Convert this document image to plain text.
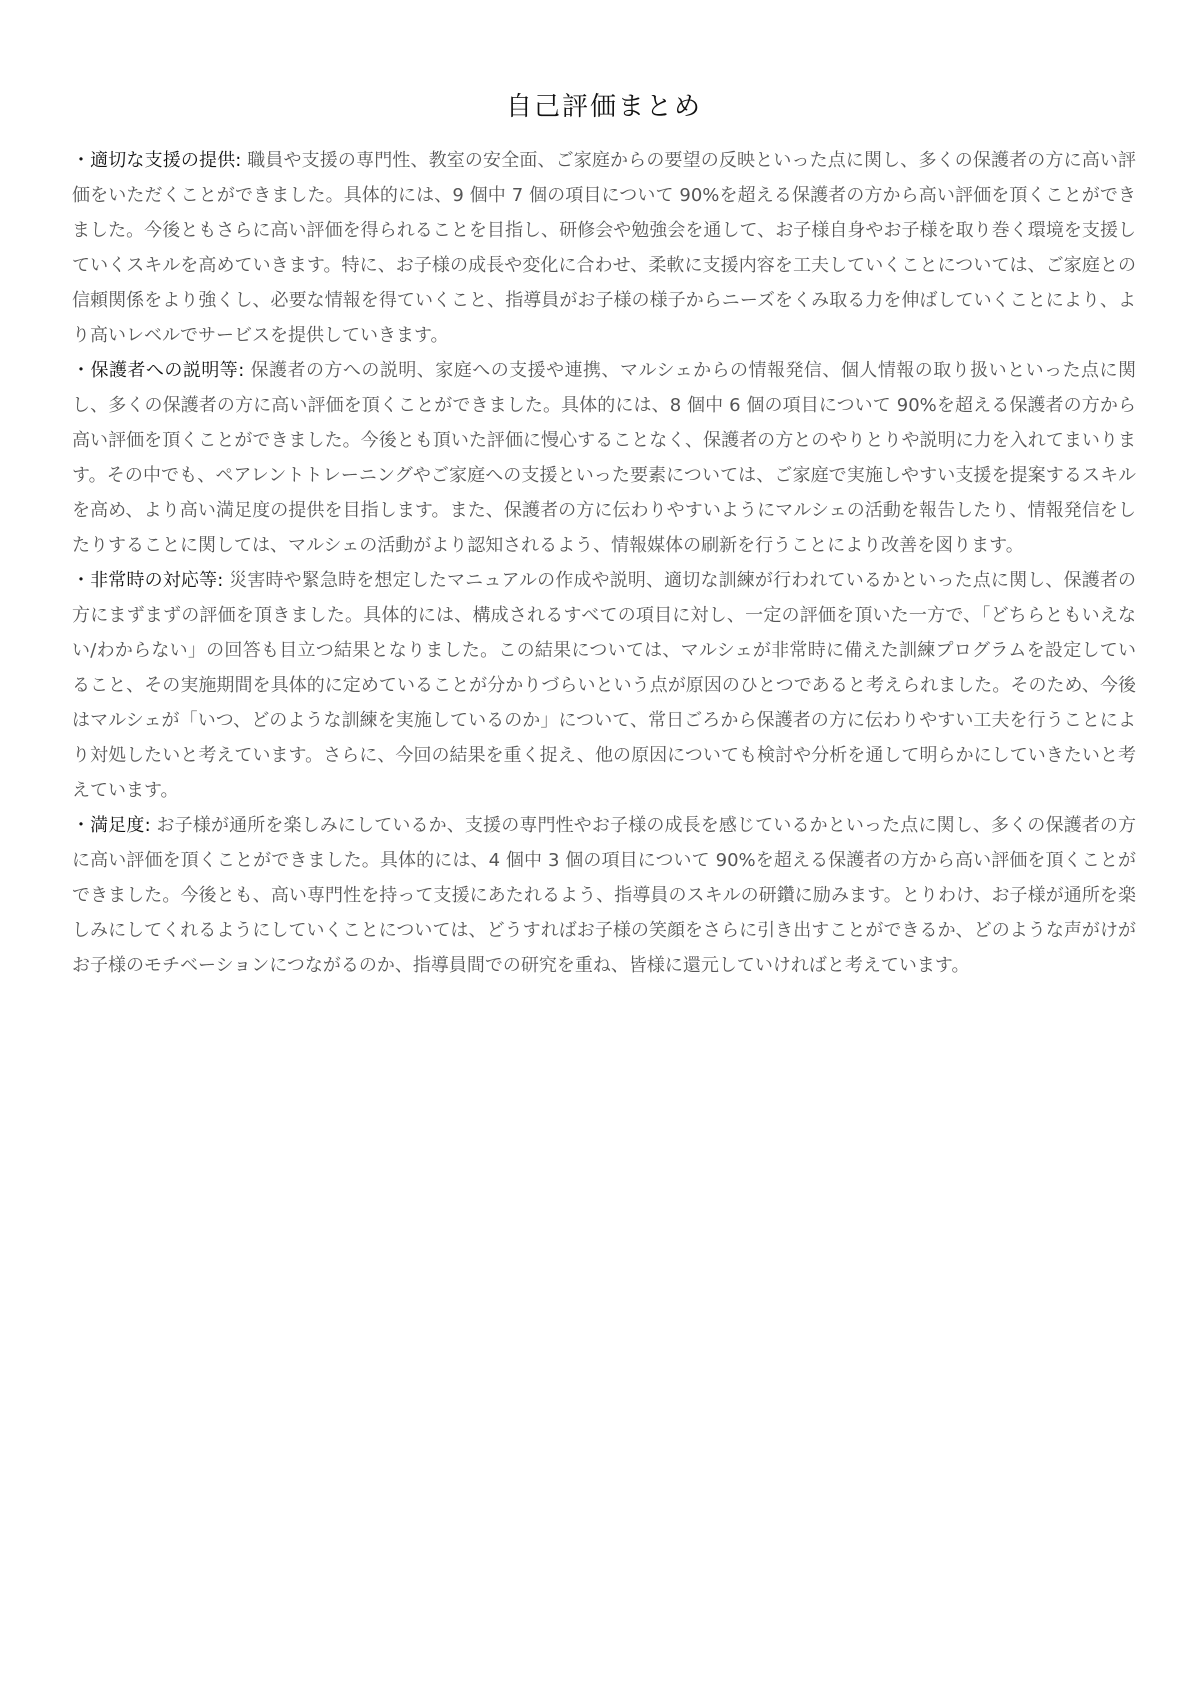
自己評価まとめ

・適切な支援の提供: 職員や支援の専門性、教室の安全面、ご家庭からの要望の反映といった点に関し、多くの保護者の方に高い評価をいただくことができました。具体的には、9 個中 7 個の項目について 90%を超える保護者の方から高い評価を頂くことができました。今後ともさらに高い評価を得られることを目指し、研修会や勉強会を通して、お子様自身やお子様を取り巻く環境を支援していくスキルを高めていきます。特に、お子様の成長や変化に合わせ、柔軟に支援内容を工夫していくことについては、ご家庭との信頼関係をより強くし、必要な情報を得ていくこと、指導員がお子様の様子からニーズをくみ取る力を伸ばしていくことにより、より高いレベルでサービスを提供していきます。

・保護者への説明等: 保護者の方への説明、家庭への支援や連携、マルシェからの情報発信、個人情報の取り扱いといった点に関し、多くの保護者の方に高い評価を頂くことができました。具体的には、8 個中 6 個の項目について 90%を超える保護者の方から高い評価を頂くことができました。今後とも頂いた評価に慢心することなく、保護者の方とのやりとりや説明に力を入れてまいります。その中でも、ペアレントトレーニングやご家庭への支援といった要素については、ご家庭で実施しやすい支援を提案するスキルを高め、より高い満足度の提供を目指します。また、保護者の方に伝わりやすいようにマルシェの活動を報告したり、情報発信をしたりすることに関しては、マルシェの活動がより認知されるよう、情報媒体の刷新を行うことにより改善を図ります。

・非常時の対応等: 災害時や緊急時を想定したマニュアルの作成や説明、適切な訓練が行われているかといった点に関し、保護者の方にまずまずの評価を頂きました。具体的には、構成されるすべての項目に対し、一定の評価を頂いた一方で、「どちらともいえない/わからない」の回答も目立つ結果となりました。この結果については、マルシェが非常時に備えた訓練プログラムを設定していること、その実施期間を具体的に定めていることが分かりづらいという点が原因のひとつであると考えられました。そのため、今後はマルシェが「いつ、どのような訓練を実施しているのか」について、常日ごろから保護者の方に伝わりやすい工夫を行うことにより対処したいと考えています。さらに、今回の結果を重く捉え、他の原因についても検討や分析を通して明らかにしていきたいと考えています。

・満足度: お子様が通所を楽しみにしているか、支援の専門性やお子様の成長を感じているかといった点に関し、多くの保護者の方に高い評価を頂くことができました。具体的には、4 個中 3 個の項目について 90%を超える保護者の方から高い評価を頂くことができました。今後とも、高い専門性を持って支援にあたれるよう、指導員のスキルの研鑽に励みます。とりわけ、お子様が通所を楽しみにしてくれるようにしていくことについては、どうすればお子様の笑顔をさらに引き出すことができるか、どのような声がけがお子様のモチベーションにつながるのか、指導員間での研究を重ね、皆様に還元していければと考えています。
